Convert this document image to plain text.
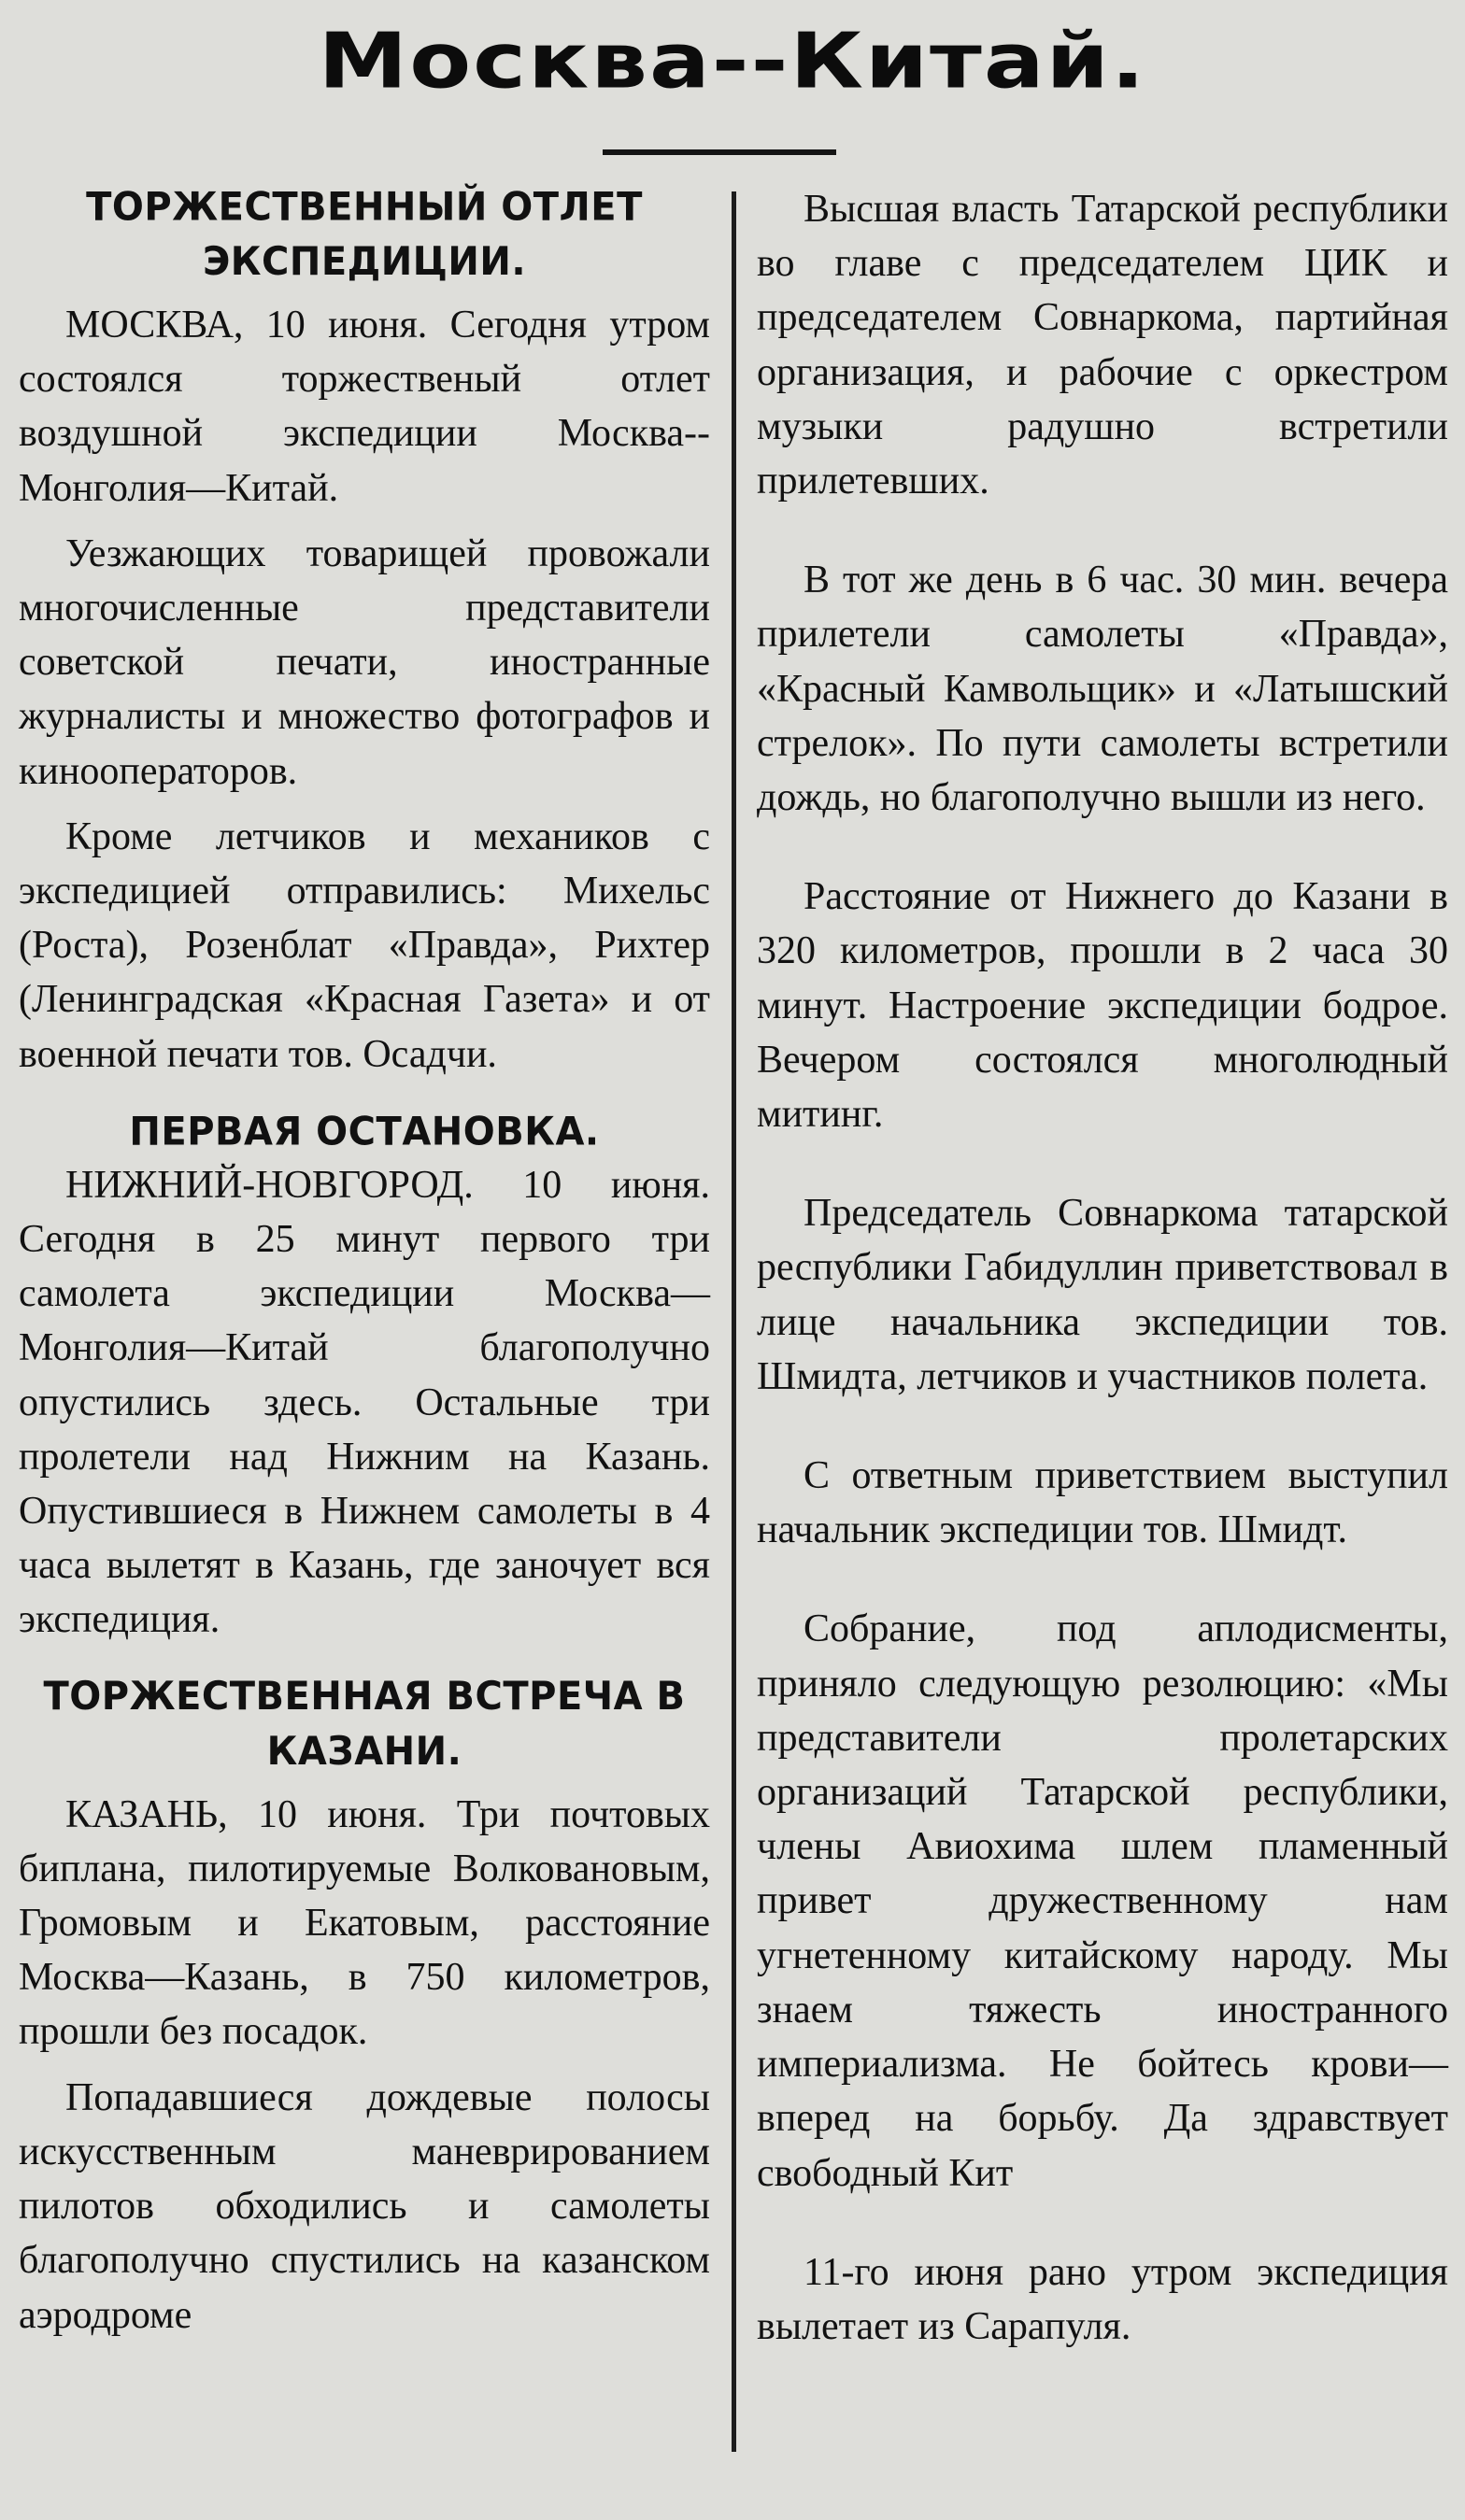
Москва--Китай.
ТОРЖЕСТВЕННЫЙ ОТЛЕТ ЭКСПЕДИЦИИ.

МОСКВА, 10 июня. Сегодня утром состоялся торжественый отлет воздушной экспедиции Москва--Монголия—Китай.

Уезжающих товарищей провожали многочисленные представители советской печати, иностранные журналисты и множество фотографов и кинооператоров.

Кроме летчиков и механиков с экспедицией отправились: Михельс (Роста), Розенблат «Правда», Рихтер (Ленинградская «Красная Газета» и от военной печати тов. Осадчи.

ПЕРВАЯ ОСТАНОВКА.

НИЖНИЙ-НОВГОРОД. 10 июня. Сегодня в 25 минут первого три самолета экспедиции Москва—Монголия—Китай благополучно опустились здесь. Остальные три пролетели над Нижним на Казань. Опустившиеся в Нижнем самолеты в 4 часа вылетят в Казань, где заночует вся экспедиция.

ТОРЖЕСТВЕННАЯ ВСТРЕЧА В КАЗАНИ.

КАЗАНЬ, 10 июня. Три почтовых биплана, пилотируемые Волковановым, Громовым и Екатовым, расстояние Москва—Казань, в 750 километров, прошли без посадок.

Попадавшиеся дождевые полосы искусственным маневрированием пилотов обходились и самолеты благополучно спустились на казанском аэродроме

Высшая власть Татарской республики во главе с председателем ЦИК и председателем Совнаркома, партийная организация, и рабочие с оркестром музыки радушно встретили прилетевших.

В тот же день в 6 час. 30 мин. вечера прилетели самолеты «Правда», «Красный Камвольщик» и «Латышский стрелок». По пути самолеты встретили дождь, но благополучно вышли из него.

Расстояние от Нижнего до Казани в 320 километров, прошли в 2 часа 30 минут. Настроение экспедиции бодрое. Вечером состоялся многолюдный митинг.

Председатель Совнаркома татарской республики Габидуллин приветствовал в лице начальника экспедиции тов. Шмидта, летчиков и участников полета.

С ответным приветствием выступил начальник экспедиции тов. Шмидт.

Собрание, под аплодисменты, приняло следующую резолюцию: «Мы представители пролетарских организаций Татарской республики, члены Авиохима шлем пламенный привет дружественному нам угнетенному китайскому народу. Мы знаем тяжесть иностранного империализма. Не бойтесь крови—вперед на борьбу. Да здравствует свободный Кит

11-го июня рано утром экспедиция вылетает из Сарапуля.
